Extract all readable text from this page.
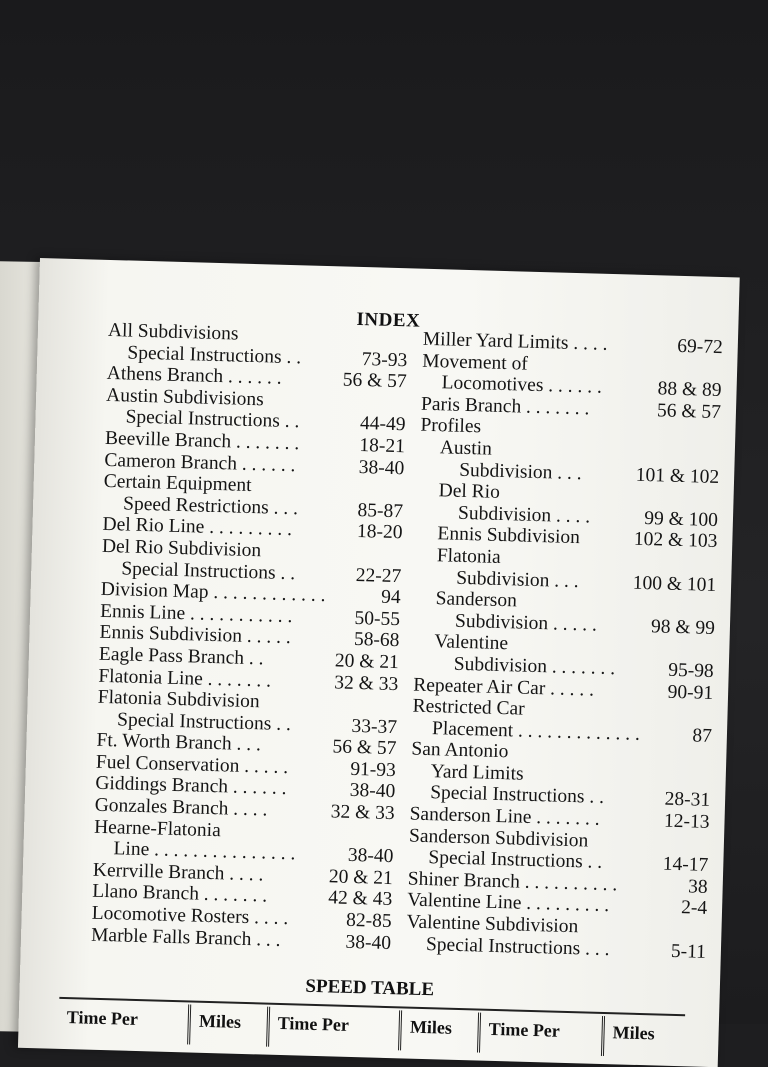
INDEX
All Subdivisions
Special Instructions . .	73-93
Athens Branch . . . . . .	56 & 57
Austin Subdivisions
Special Instructions . .	44-49
Beeville Branch . . . . . . .	18-21
Cameron Branch . . . . . .	38-40
Certain Equipment
Speed Restrictions . . .	85-87
Del Rio Line . . . . . . . . .	18-20
Del Rio Subdivision
Special Instructions . .	22-27
Division Map . . . . . . . . . . . .	94
Ennis Line . . . . . . . . . . .	50-55
Ennis Subdivision . . . . .	58-68
Eagle Pass Branch . .	20 & 21
Flatonia Line . . . . . . .	32 & 33
Flatonia Subdivision
Special Instructions . .	33-37
Ft. Worth Branch . . .	56 & 57
Fuel Conservation . . . . .	91-93
Giddings Branch . . . . . .	38-40
Gonzales Branch . . . .	32 & 33
Hearne-Flatonia
Line . . . . . . . . . . . . . . .	38-40
Kerrville Branch . . . .	20 & 21
Llano Branch . . . . . . .	42 & 43
Locomotive Rosters . . . .	82-85
Marble Falls Branch . . .	38-40
Miller Yard Limits . . . .	69-72
Movement of
Locomotives . . . . . .	88 & 89
Paris Branch . . . . . . .	56 & 57
Profiles
Austin
Subdivision . . .	101 & 102
Del Rio
Subdivision . . . .	99 & 100
Ennis Subdivision	102 & 103
Flatonia
Subdivision . . .	100 & 101
Sanderson
Subdivision . . . . .	98 & 99
Valentine
Subdivision . . . . . . .	95-98
Repeater Air Car . . . . .	90-91
Restricted Car
Placement . . . . . . . . . . . . .	87
San Antonio
Yard Limits
Special Instructions . .	28-31
Sanderson Line . . . . . . .	12-13
Sanderson Subdivision
Special Instructions . .	14-17
Shiner Branch . . . . . . . . . .	38
Valentine Line . . . . . . . . .	2-4
Valentine Subdivision
Special Instructions . . .	5-11
SPEED TABLE
Time Per	Miles	Time Per	Miles	Time Per	Miles
